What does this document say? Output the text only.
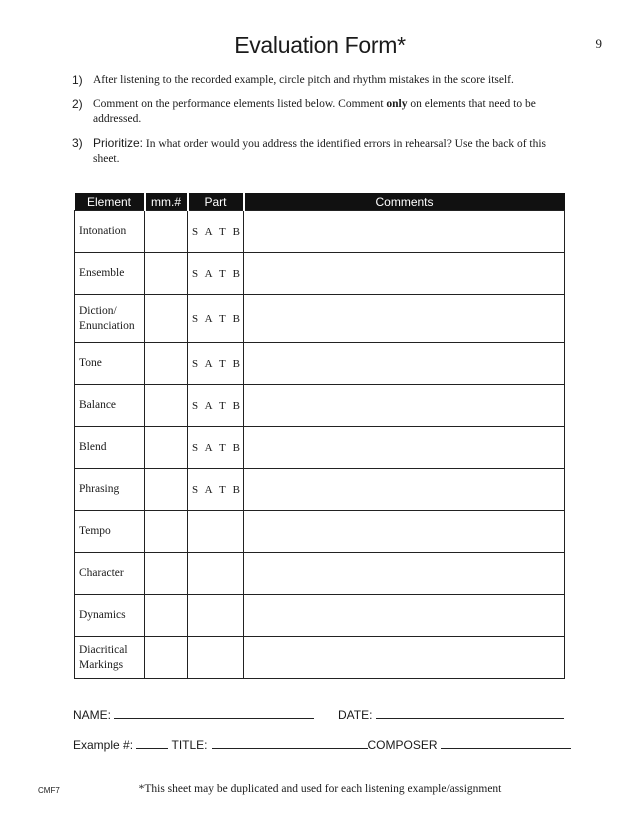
9
Evaluation Form*
1) After listening to the recorded example, circle pitch and rhythm mistakes in the score itself.
2) Comment on the performance elements listed below. Comment only on elements that need to be addressed.
3) Prioritize: In what order would you address the identified errors in rehearsal? Use the back of this sheet.
Element	mm.#	Part	Comments
Intonation		S A T B	
Ensemble		S A T B	
Diction/
Enunciation		S A T B	
Tone		S A T B	
Balance		S A T B	
Blend		S A T B	
Phrasing		S A T B	
Tempo			
Character			
Dynamics			
Diacritical
Markings			
NAME:	DATE:
Example #:	TITLE:	COMPOSER
*This sheet may be duplicated and used for each listening example/assignment
CMF7
